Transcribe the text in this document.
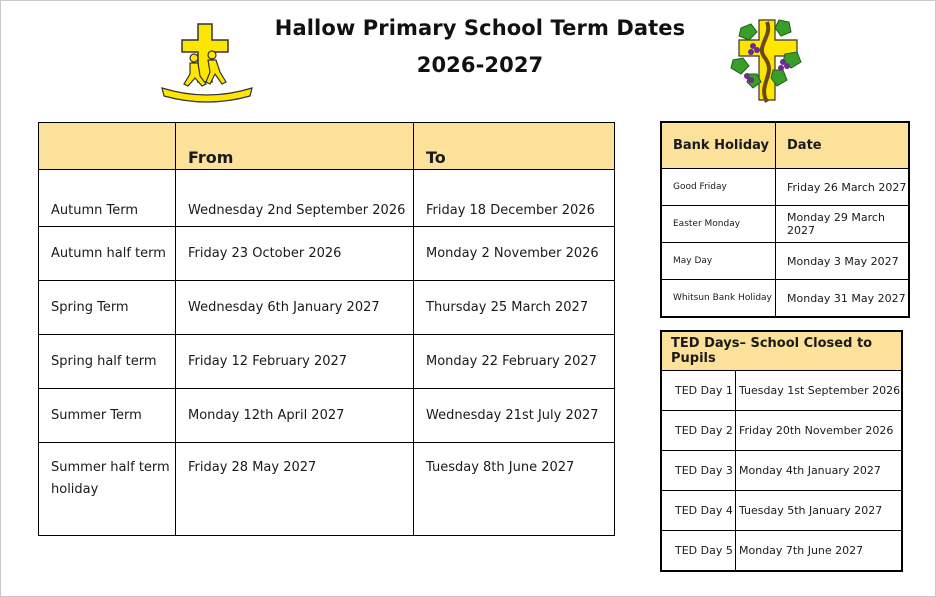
Hallow Primary School Term Dates
2026-2027
	From	To
Autumn Term	Wednesday 2nd September 2026	Friday 18 December 2026
Autumn half term	Friday 23 October 2026	Monday 2 November 2026
Spring Term	Wednesday 6th January 2027	Thursday 25 March 2027
Spring half term	Friday 12 February 2027	Monday 22 February 2027
Summer Term	Monday 12th April 2027	Wednesday 21st July 2027
Summer half term holiday	Friday 28 May 2027	Tuesday 8th June 2027
Bank Holiday	Date
Good Friday	Friday 26 March 2027
Easter Monday	Monday 29 March 2027
May Day	Monday 3 May 2027
Whitsun Bank Holiday	Monday 31 May 2027
TED Days– School Closed to Pupils	
TED Day 1	Tuesday 1st September 2026
TED Day 2	Friday 20th November 2026
TED Day 3	Monday 4th January 2027
TED Day 4	Tuesday 5th January 2027
TED Day 5	Monday 7th June 2027
